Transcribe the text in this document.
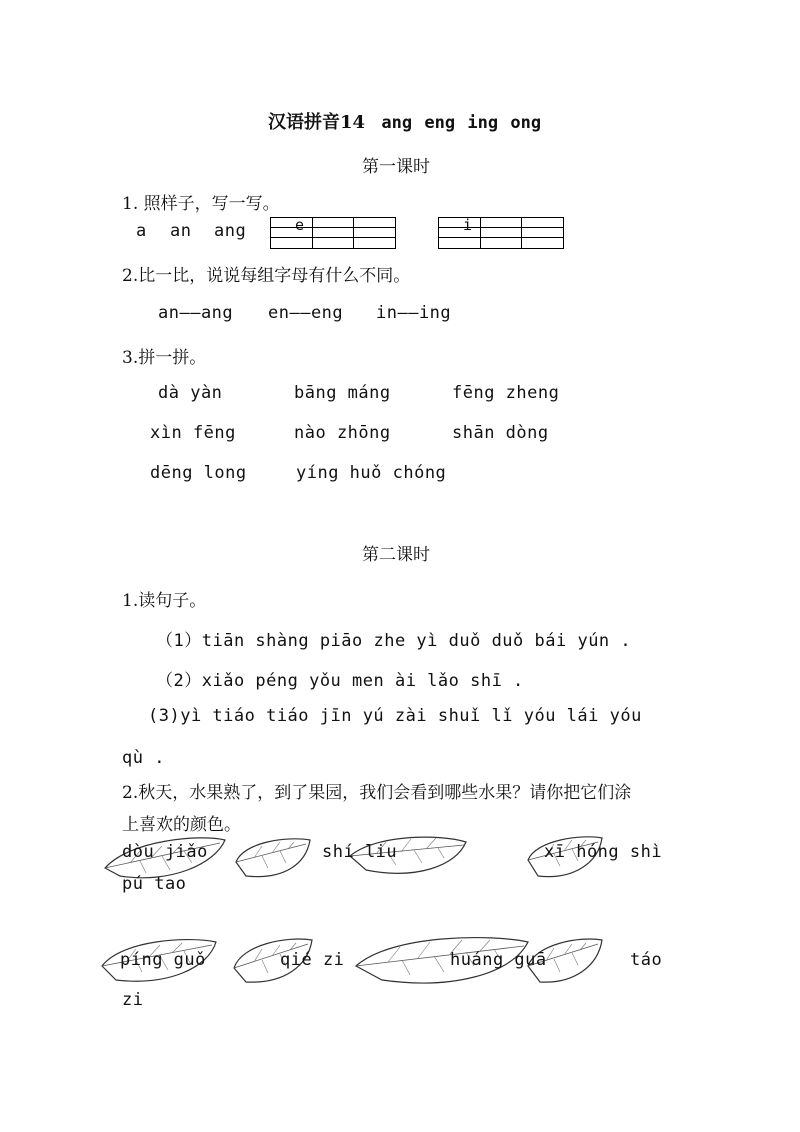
汉语拼音14 ang eng ing ong
第一课时
1. 照样子，写一写。
a an ang	e	i
2.比一比，说说每组字母有什么不同。
an——ang en——eng in——ing
3.拼一拼。
dà yàn	bāng máng	fēng zheng
xìn fēng	nào zhōng	shān dòng
dēng long	yíng huǒ chóng
第二课时
1.读句子。
（1）tiān shàng piāo zhe yì duǒ duǒ bái yún .
（2）xiǎo péng yǒu men ài lǎo shī .
(3)yì tiáo tiáo jīn yú zài shuǐ lǐ yóu lái yóu
qù .
2.秋天，水果熟了，到了果园，我们会看到哪些水果？请你把它们涂
上喜欢的颜色。
dòu jiǎo	shí liu	xī hóng shì
pú tao
píng guǒ	qié zi	huáng guā	táo
zi
